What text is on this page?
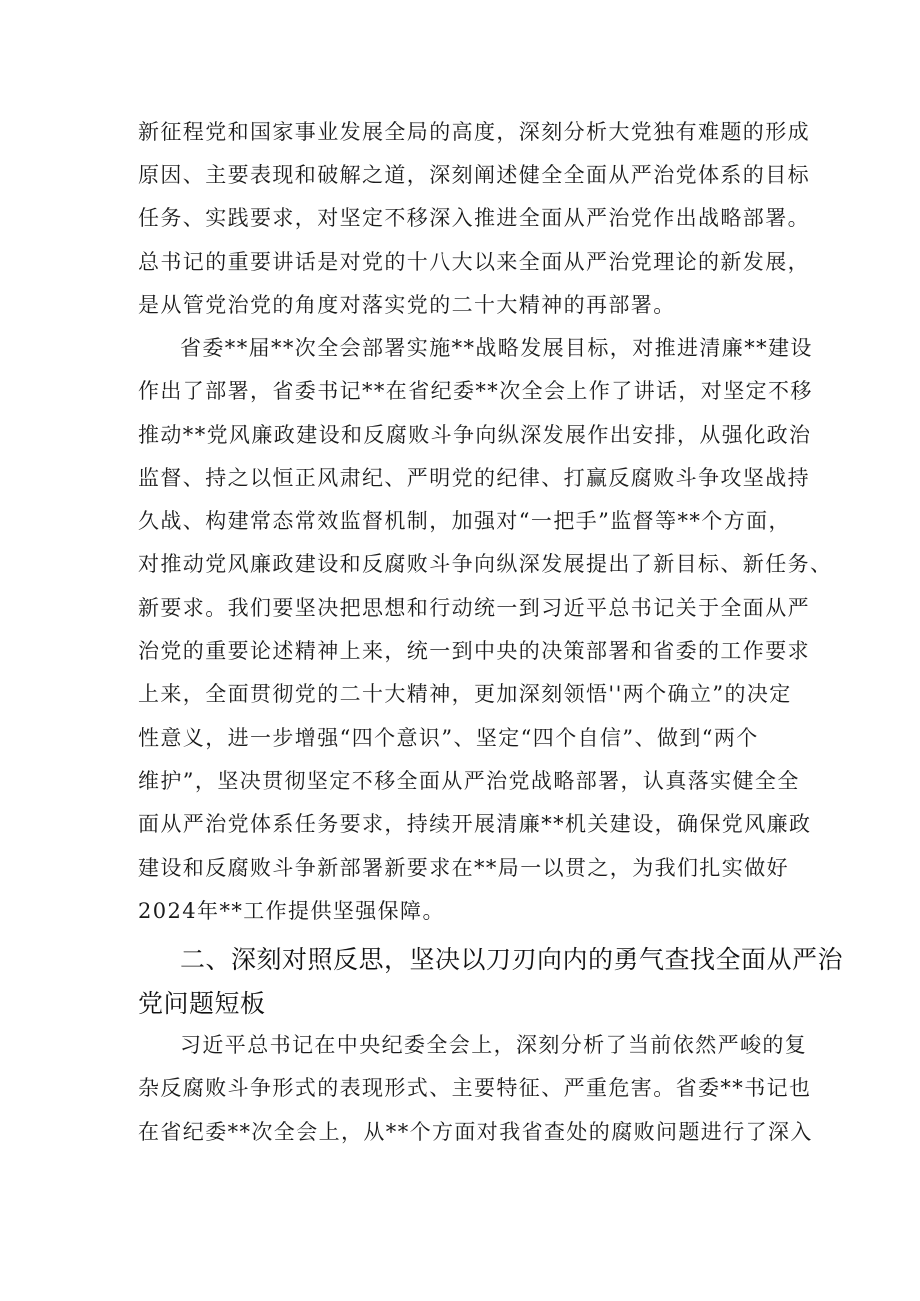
新征程党和国家事业发展全局的高度，深刻分析大党独有难题的形成
原因、主要表现和破解之道，深刻阐述健全全面从严治党体系的目标
任务、实践要求，对坚定不移深入推进全面从严治党作出战略部署。
总书记的重要讲话是对党的十八大以来全面从严治党理论的新发展，
是从管党治党的角度对落实党的二十大精神的再部署。
省委**届**次全会部署实施**战略发展目标，对推进清廉**建设
作出了部署，省委书记**在省纪委**次全会上作了讲话，对坚定不移
推动**党风廉政建设和反腐败斗争向纵深发展作出安排，从强化政治
监督、持之以恒正风肃纪、严明党的纪律、打赢反腐败斗争攻坚战持
久战、构建常态常效监督机制，加强对“一把手”监督等**个方面，
对推动党风廉政建设和反腐败斗争向纵深发展提出了新目标、新任务、
新要求。我们要坚决把思想和行动统一到习近平总书记关于全面从严
治党的重要论述精神上来，统一到中央的决策部署和省委的工作要求
上来，全面贯彻党的二十大精神，更加深刻领悟''两个确立”的决定
性意义，进一步增强“四个意识”、坚定“四个自信”、做到“两个
维护”，坚决贯彻坚定不移全面从严治党战略部署，认真落实健全全
面从严治党体系任务要求，持续开展清廉**机关建设，确保党风廉政
建设和反腐败斗争新部署新要求在**局一以贯之，为我们扎实做好
2024年**工作提供坚强保障。
二、深刻对照反思，坚决以刀刃向内的勇气查找全面从严治
党问题短板
习近平总书记在中央纪委全会上，深刻分析了当前依然严峻的复
杂反腐败斗争形式的表现形式、主要特征、严重危害。省委**书记也
在省纪委**次全会上，从**个方面对我省查处的腐败问题进行了深入
